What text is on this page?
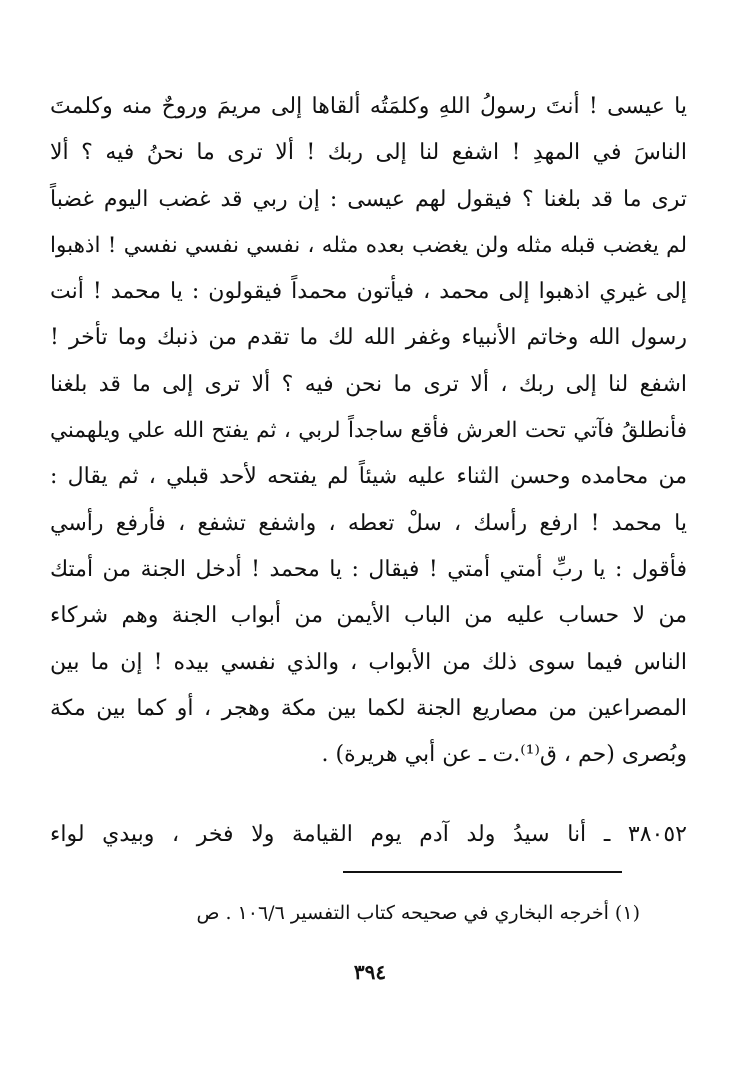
يا عيسى ! أنتَ رسولُ اللهِ وكلمَتُه ألقاها إلى مريمَ وروحٌ منه وكلمتَ
الناسَ في المهدِ ! اشفع لنا إلى ربك ! ألا ترى ما نحنُ فيه ؟ ألا
ترى ما قد بلغنا ؟ فيقول لهم عيسى : إن ربي قد غضب اليوم غضباً
لم يغضب قبله مثله ولن يغضب بعده مثله ، نفسي نفسي نفسي ! اذهبوا
إلى غيري اذهبوا إلى محمد ، فيأتون محمداً فيقولون : يا محمد ! أنت
رسول الله وخاتم الأنبياء وغفر الله لك ما تقدم من ذنبك وما تأخر !
اشفع لنا إلى ربك ، ألا ترى ما نحن فيه ؟ ألا ترى إلى ما قد بلغنا
فأنطلقُ فآتي تحت العرش فأقع ساجداً لربي ، ثم يفتح الله علي ويلهمني
من محامده وحسن الثناء عليه شيئاً لم يفتحه لأحد قبلي ، ثم يقال :
يا محمد ! ارفع رأسك ، سلْ تعطه ، واشفع تشفع ، فأرفع رأسي
فأقول : يا ربِّ أمتي أمتي ! فيقال : يا محمد ! أدخل الجنة من أمتك
من لا حساب عليه من الباب الأيمن من أبواب الجنة وهم شركاء
الناس فيما سوى ذلك من الأبواب ، والذي نفسي بيده ! إن ما بين
المصراعين من مصاريع الجنة لكما بين مكة وهجر ، أو كما بين مكة
وبُصرى (حم ، ق⁽¹⁾.ت ـ عن أبي هريرة) .
٣٨٠٥٢ ـ أنا سيدُ ولد آدم يوم القيامة ولا فخر ، وبيدي لواء
(١) أخرجه البخاري في صحيحه كتاب التفسير ١٠٦/٦ . ص
٣٩٤
